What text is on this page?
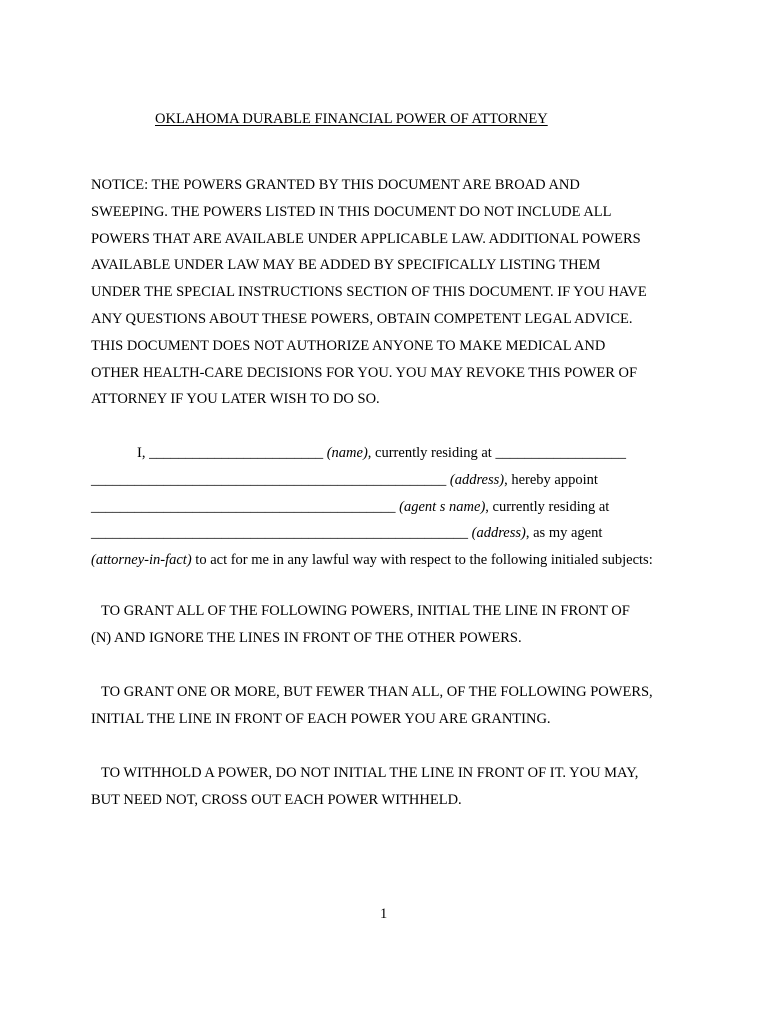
OKLAHOMA DURABLE FINANCIAL POWER OF ATTORNEY
NOTICE: THE POWERS GRANTED BY THIS DOCUMENT ARE BROAD AND
SWEEPING. THE POWERS LISTED IN THIS DOCUMENT DO NOT INCLUDE ALL
POWERS THAT ARE AVAILABLE UNDER APPLICABLE LAW. ADDITIONAL POWERS
AVAILABLE UNDER LAW MAY BE ADDED BY SPECIFICALLY LISTING THEM
UNDER THE SPECIAL INSTRUCTIONS SECTION OF THIS DOCUMENT. IF YOU HAVE
ANY QUESTIONS ABOUT THESE POWERS, OBTAIN COMPETENT LEGAL ADVICE.
THIS DOCUMENT DOES NOT AUTHORIZE ANYONE TO MAKE MEDICAL AND
OTHER HEALTH-CARE DECISIONS FOR YOU. YOU MAY REVOKE THIS POWER OF
ATTORNEY IF YOU LATER WISH TO DO SO.
I, ________________________ (name), currently residing at __________________
_________________________________________________ (address), hereby appoint
__________________________________________ (agent s name), currently residing at
____________________________________________________ (address), as my agent
(attorney-in-fact) to act for me in any lawful way with respect to the following initialed subjects:
TO GRANT ALL OF THE FOLLOWING POWERS, INITIAL THE LINE IN FRONT OF
(N) AND IGNORE THE LINES IN FRONT OF THE OTHER POWERS.
TO GRANT ONE OR MORE, BUT FEWER THAN ALL, OF THE FOLLOWING POWERS,
INITIAL THE LINE IN FRONT OF EACH POWER YOU ARE GRANTING.
TO WITHHOLD A POWER, DO NOT INITIAL THE LINE IN FRONT OF IT. YOU MAY,
BUT NEED NOT, CROSS OUT EACH POWER WITHHELD.
1
